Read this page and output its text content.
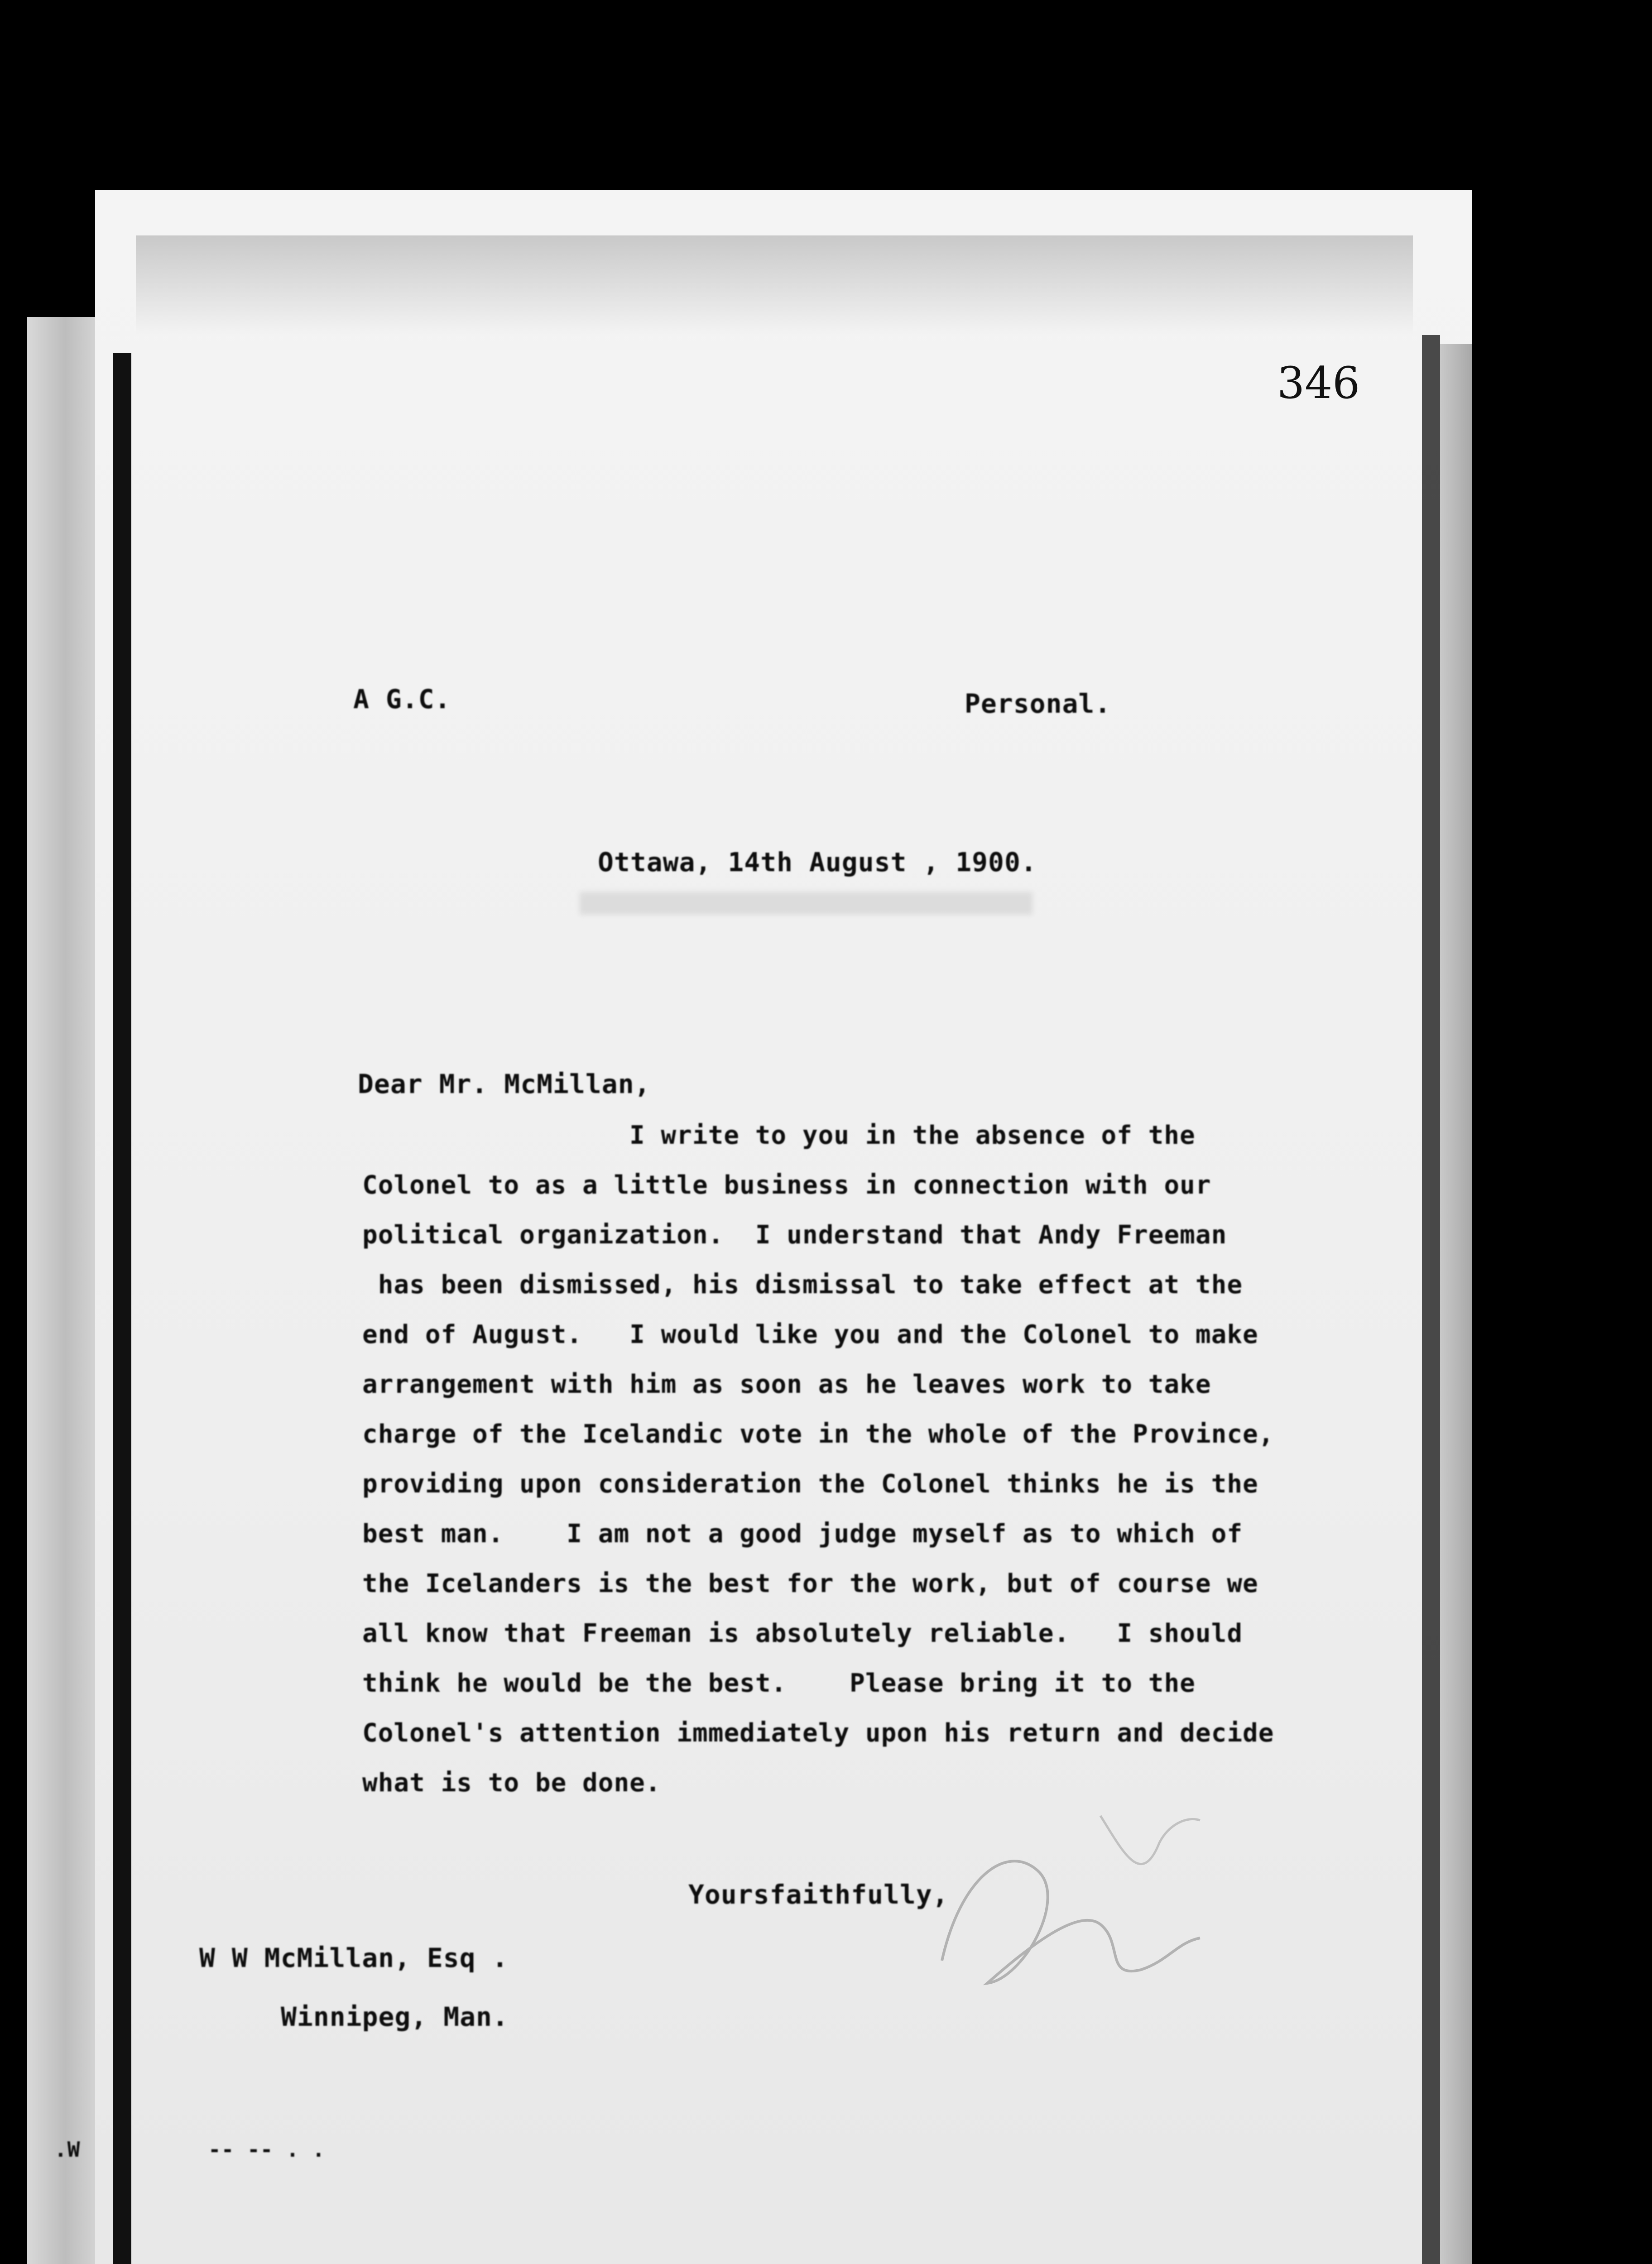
346
A G.C.	Personal.
Ottawa, 14th August , 1900.
Dear Mr. McMillan,
I write to you in the absence of the
Colonel to as a little business in connection with our
political organization.  I understand that Andy Freeman
has been dismissed, his dismissal to take effect at the
end of August.   I would like you and the Colonel to make
arrangement with him as soon as he leaves work to take
charge of the Icelandic vote in the whole of the Province,
providing upon consideration the Colonel thinks he is the
best man.    I am not a good judge myself as to which of
the Icelanders is the best for the work, but of course we
all know that Freeman is absolutely reliable.   I should
think he would be the best.    Please bring it to the
Colonel's attention immediately upon his return and decide
what is to be done.
Yoursfaithfully,
W W McMillan, Esq .
Winnipeg, Man.
.W	-- -- . .
